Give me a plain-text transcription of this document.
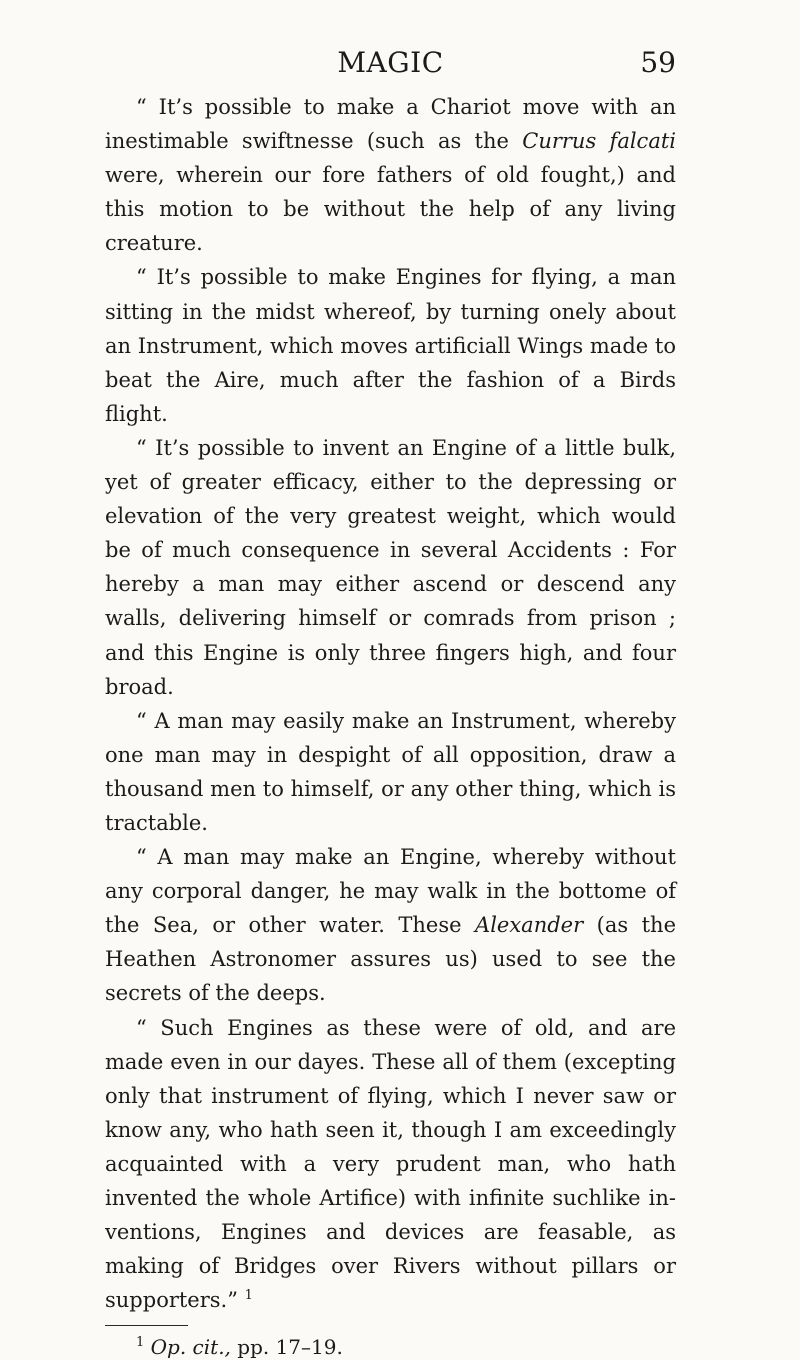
MAGIC	59

“ It’s possible to make a Chariot move with an inestimable swiftnesse (such as the Currus falcati were, wherein our fore fathers of old fought,) and this motion to be without the help of any living creature.

“ It’s possible to make Engines for flying, a man sitting in the midst whereof, by turning onely about an Instrument, which moves artificiall Wings made to beat the Aire, much after the fashion of a Birds flight.

“ It’s possible to invent an Engine of a little bulk, yet of greater efficacy, either to the depressing or elevation of the very greatest weight, which would be of much consequence in several Accidents : For hereby a man may either ascend or descend any walls, delivering himself or comrads from prison ; and this Engine is only three fingers high, and four broad.

“ A man may easily make an Instrument, whereby one man may in despight of all opposition, draw a thousand men to himself, or any other thing, which is tractable.

“ A man may make an Engine, whereby without any corporal danger, he may walk in the bottome of the Sea, or other water. These Alexander (as the Heathen Astronomer assures us) used to see the secrets of the deeps.

“ Such Engines as these were of old, and are made even in our dayes. These all of them (excepting only that instrument of flying, which I never saw or know any, who hath seen it, though I am exceedingly acquainted with a very prudent man, who hath invented the whole Artifice) with infinite suchlike in-ventions, Engines and devices are feasable, as making of Bridges over Rivers without pillars or supporters.” $^1$

$^1$ Op. cit., pp. 17–19.
